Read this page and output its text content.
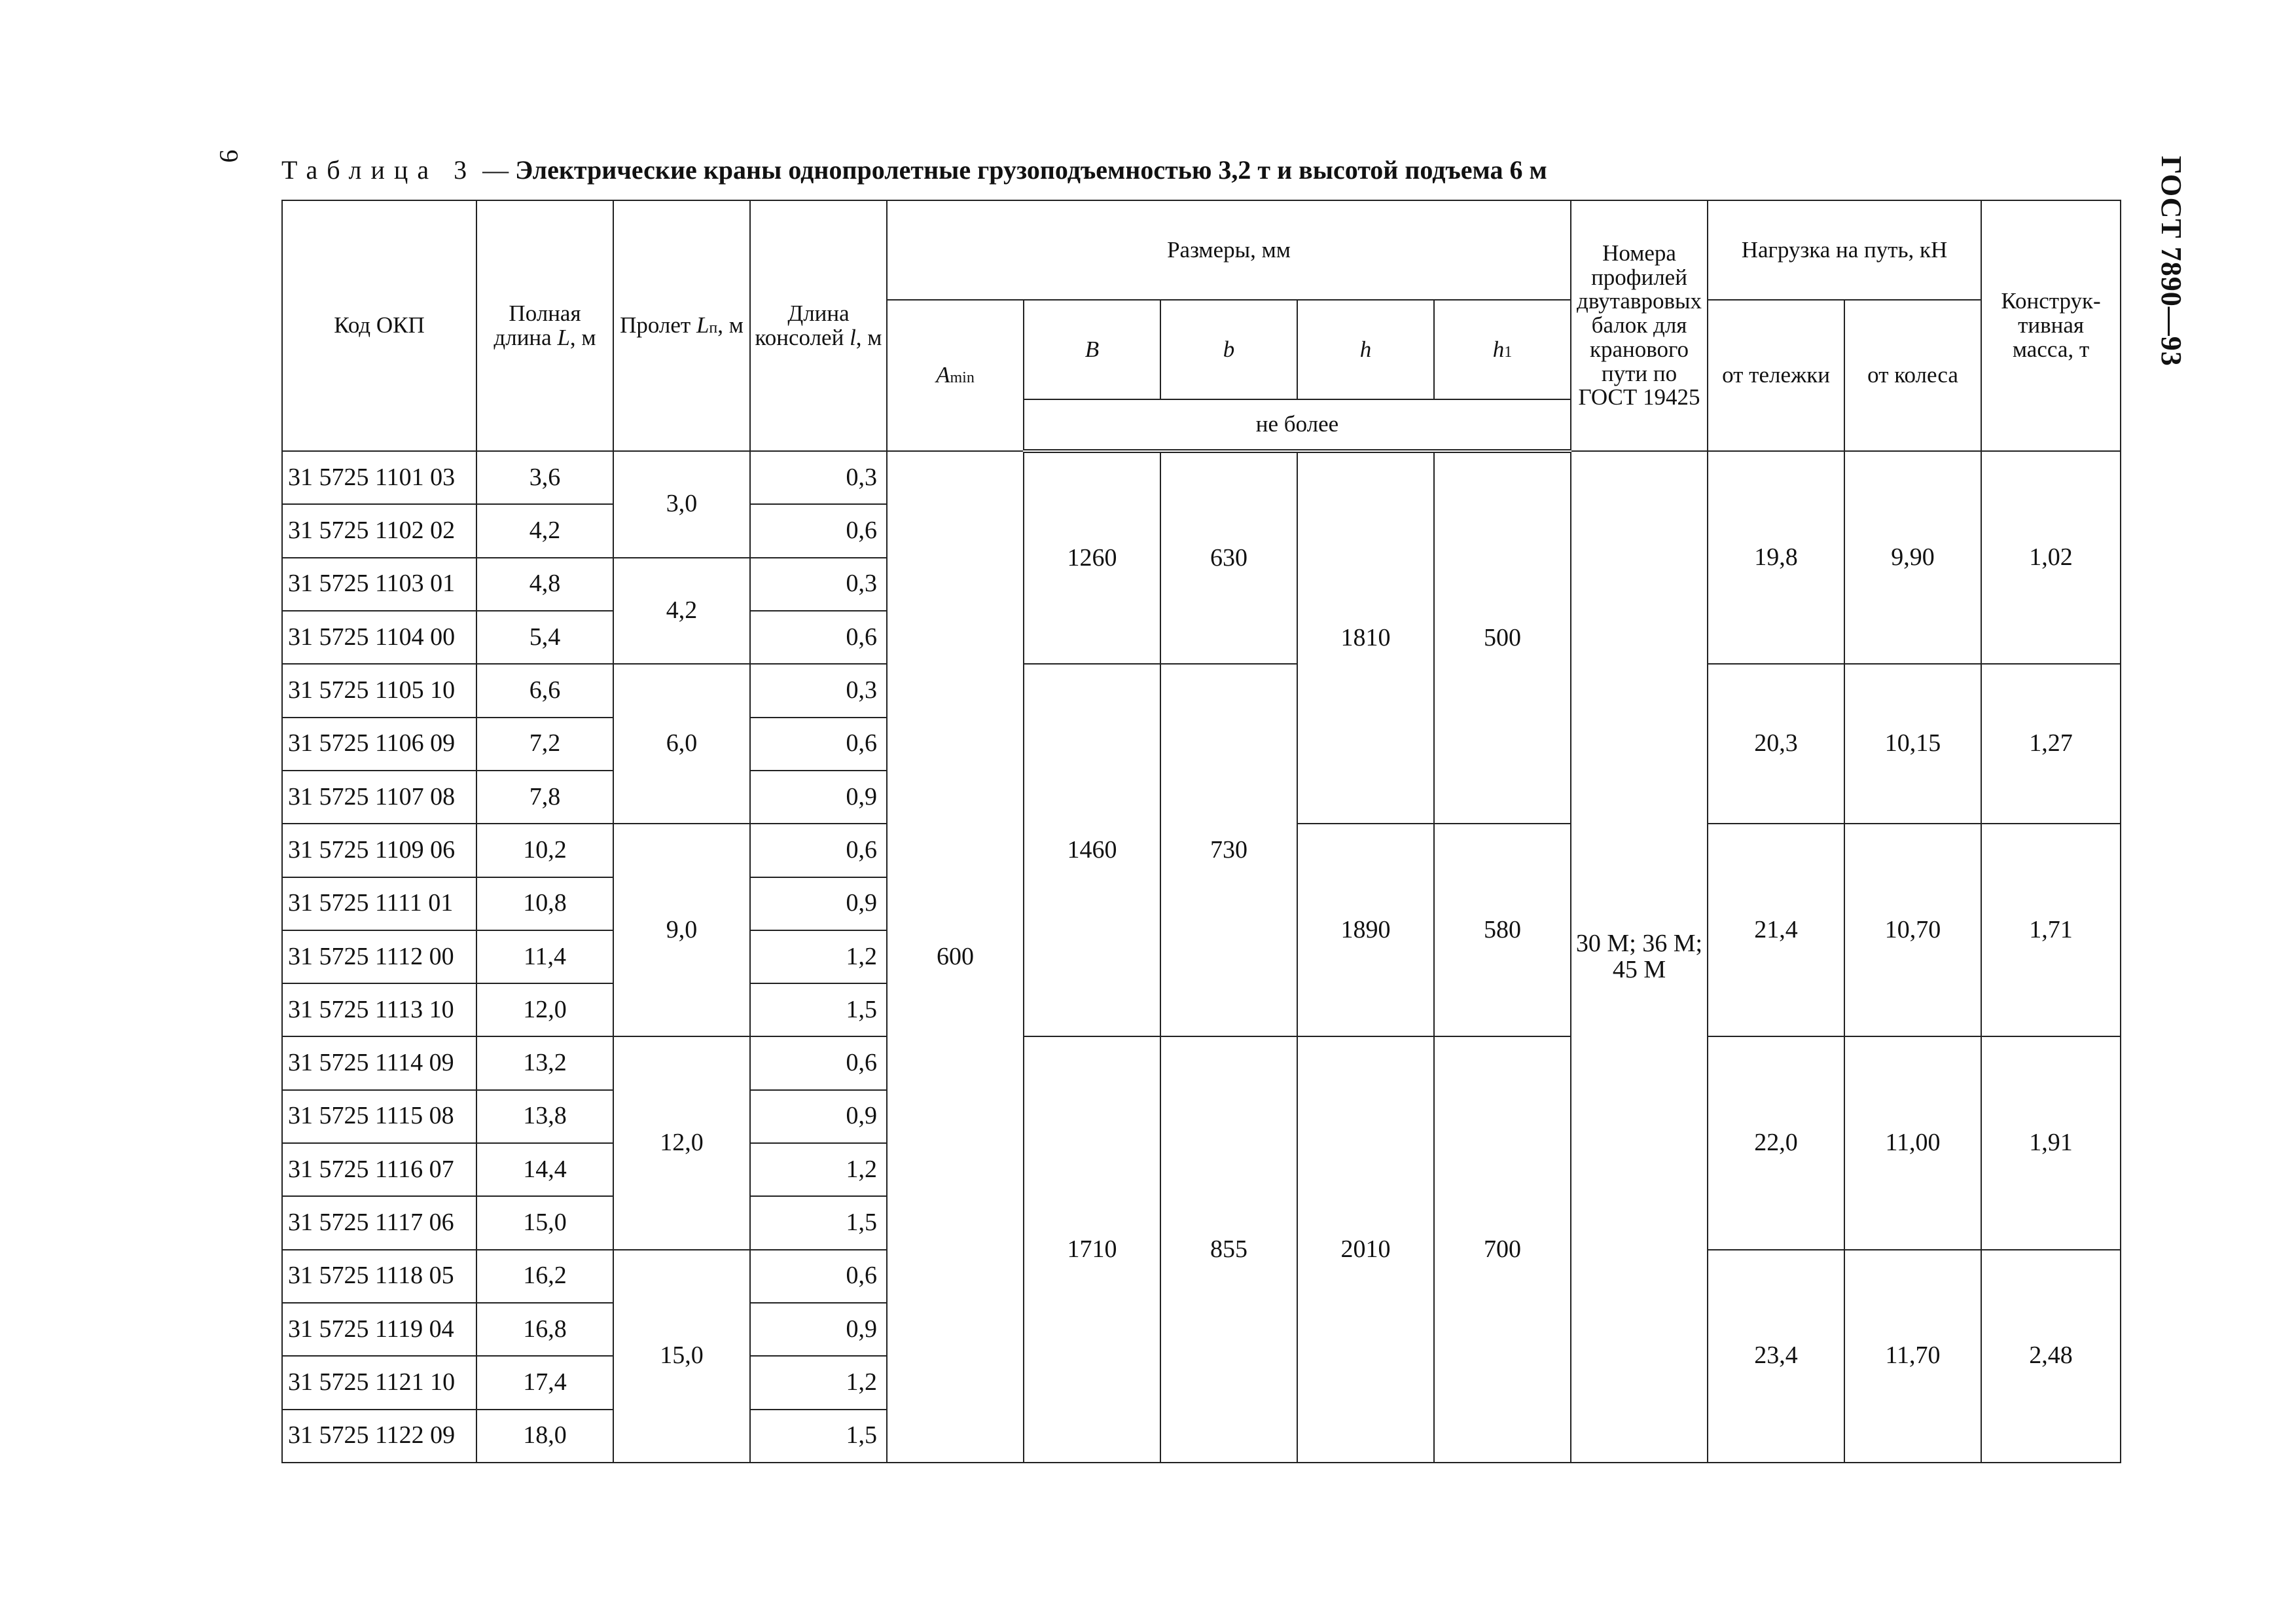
9	ГОСТ 7890—93
Таблица 3 — Электрические краны однопролетные грузоподъемностью 3,2 т и высотой подъема 6 м
Код ОКП	Полная длина L, м	Пролет Lп, м	Длина консолей l, м	Размеры, мм					Номера профилей двутавровых балок для кранового пути по ГОСТ 19425	Нагрузка на путь, кН		Конструк-тивная масса, т
				Amin	B	b	h	h1		от тележки	от колеса	
					не более							
31 5725 1101 03	3,6	3,0	0,3	600	1260	630	1810	500	30 М; 36 М; 45 М	19,8	9,90	1,02
31 5725 1102 02	4,2		0,6									
31 5725 1103 01	4,8	4,2	0,3									
31 5725 1104 00	5,4		0,6									
31 5725 1105 10	6,6	6,0	0,3		1460	730				20,3	10,15	1,27
31 5725 1106 09	7,2		0,6									
31 5725 1107 08	7,8		0,9									
31 5725 1109 06	10,2	9,0	0,6				1890	580		21,4	10,70	1,71
31 5725 1111 01	10,8		0,9									
31 5725 1112 00	11,4		1,2									
31 5725 1113 10	12,0		1,5									
31 5725 1114 09	13,2	12,0	0,6		1710	855	2010	700		22,0	11,00	1,91
31 5725 1115 08	13,8		0,9									
31 5725 1116 07	14,4		1,2									
31 5725 1117 06	15,0		1,5									
31 5725 1118 05	16,2	15,0	0,6							23,4	11,70	2,48
31 5725 1119 04	16,8		0,9									
31 5725 1121 10	17,4		1,2									
31 5725 1122 09	18,0		1,5									
